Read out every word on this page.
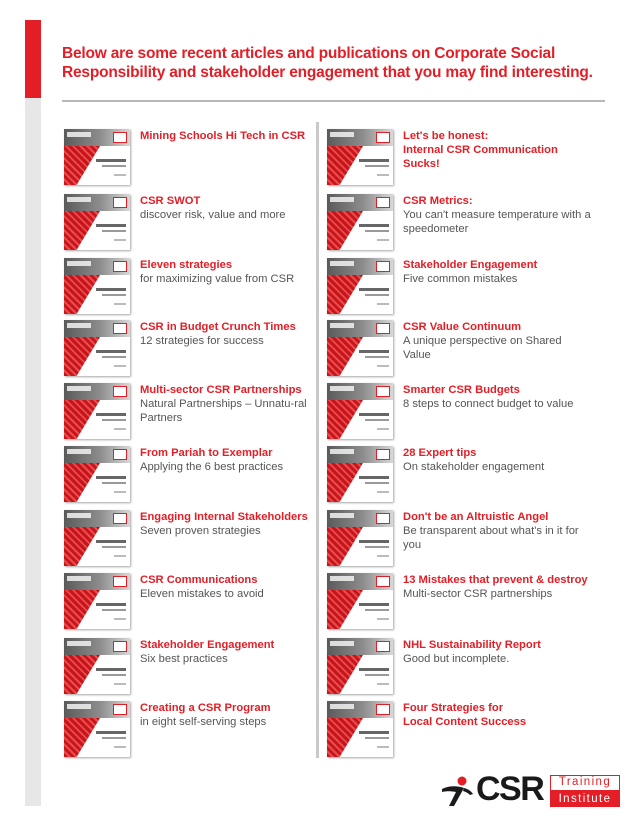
Below are some recent articles and publications on Corporate Social
Responsibility and stakeholder engagement that you may find interesting.
Mining Schools Hi Tech in CSR
CSR SWOT
discover risk, value and more
Eleven strategies
for maximizing value from CSR
CSR in Budget Crunch Times
12 strategies for success
Multi-sector CSR Partnerships
Natural Partnerships – Unnatu-ral Partners
From Pariah to Exemplar
Applying the 6 best practices
Engaging Internal Stakeholders
Seven proven strategies
CSR Communications
Eleven mistakes to avoid
Stakeholder Engagement
Six best practices
Creating a CSR Program
in eight self-serving steps
Let's be honest:
Internal CSR Communication Sucks!
CSR Metrics:
You can't measure temperature with a speedometer
Stakeholder Engagement
Five common mistakes
CSR Value Continuum
A unique perspective on Shared Value
Smarter CSR Budgets
8 steps to connect budget to value
28 Expert tips
On stakeholder engagement
Don't be an Altruistic Angel
Be transparent about what's in it for you
13 Mistakes that prevent & destroy
Multi-sector CSR partnerships
NHL Sustainability Report
Good but incomplete.
Four Strategies for
Local Content Success
CSR	Training
Institute
